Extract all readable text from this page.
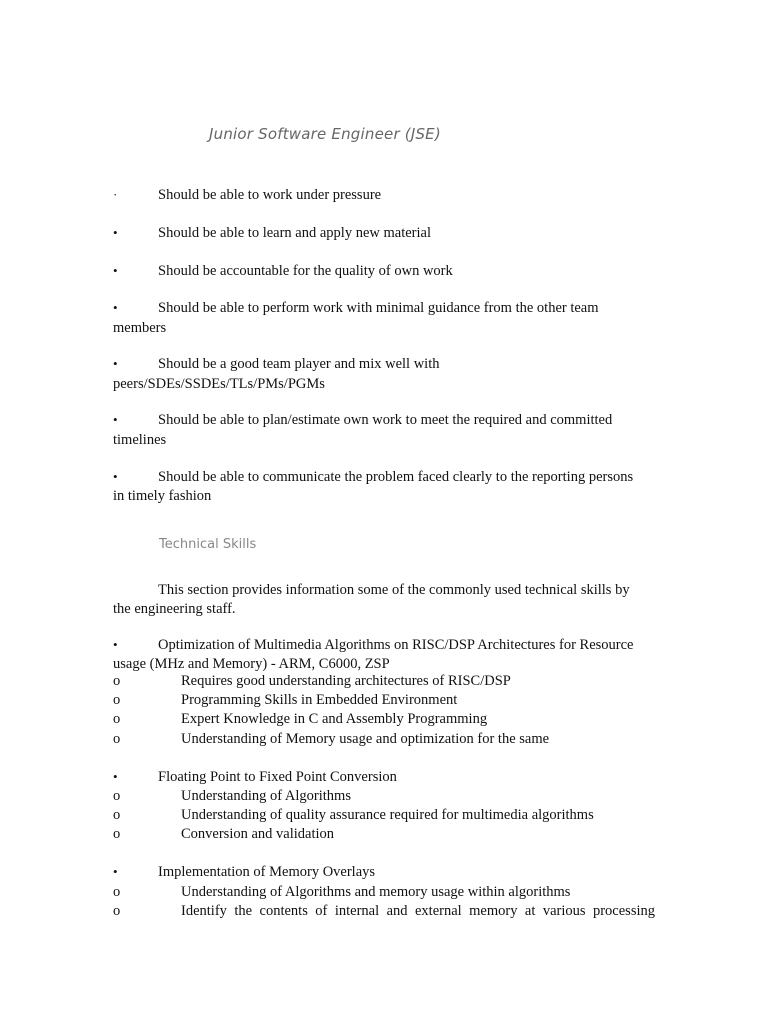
Junior Software Engineer (JSE)
·	Should be able to work under pressure
•	Should be able to learn and apply new material
•	Should be accountable for the quality of own work
•	Should be able to perform work with minimal guidance from the other team
members
•	Should be a good team player and mix well with
peers/SDEs/SSDEs/TLs/PMs/PGMs
•	Should be able to plan/estimate own work to meet the required and committed
timelines
•	Should be able to communicate the problem faced clearly to the reporting persons
in timely fashion
Technical Skills
This section provides information some of the commonly used technical skills by
the engineering staff.
•	Optimization of Multimedia Algorithms on RISC/DSP Architectures for Resource
usage (MHz and Memory) - ARM, C6000, ZSP
o	Requires good understanding architectures of RISC/DSP
o	Programming Skills in Embedded Environment
o	Expert Knowledge in C and Assembly Programming
o	Understanding of Memory usage and optimization for the same
•	Floating Point to Fixed Point Conversion
o	Understanding of Algorithms
o	Understanding of quality assurance required for multimedia algorithms
o	Conversion and validation
•	Implementation of Memory Overlays
o	Understanding of Algorithms and memory usage within algorithms
o	Identify the contents of internal and external memory at various processing
